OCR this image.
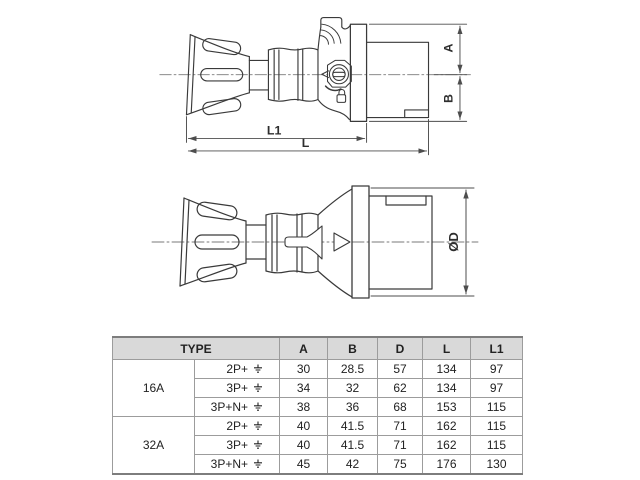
A
B
L1
L
ØD
TYPE		A	B	D	L	L1
16A	2P+	30	28.5	57	134	97

	3P+	34	32	62	134	97

	3P+N+	38	36	68	153	115
32A	2P+	40	41.5	71	162	115

	3P+	40	41.5	71	162	115

	3P+N+	45	42	75	176	130
